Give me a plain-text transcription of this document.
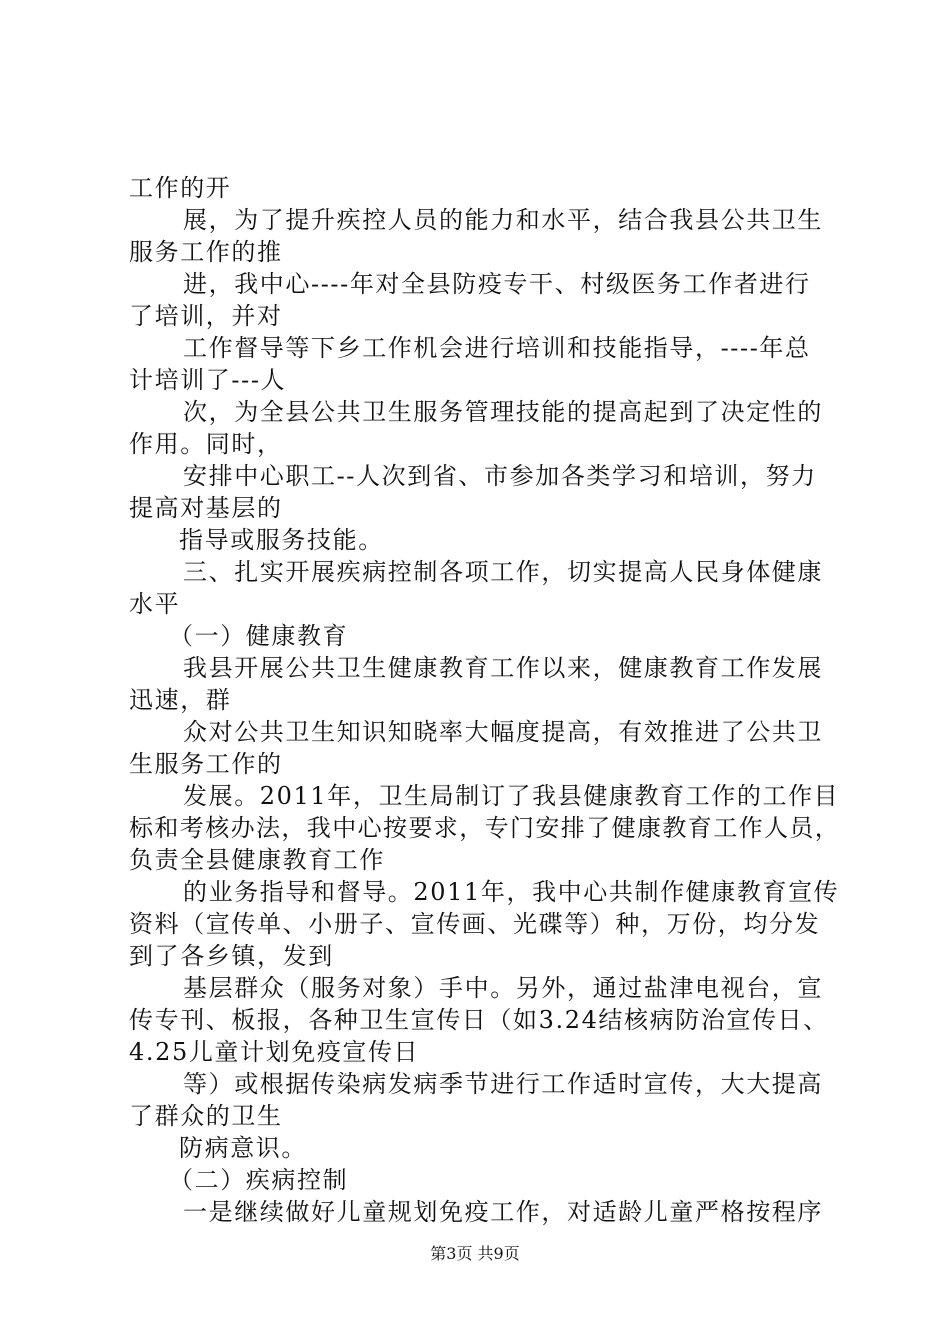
工作的开
展，为了提升疾控人员的能力和水平，结合我县公共卫生
服务工作的推
进，我中心----年对全县防疫专干、村级医务工作者进行
了培训，并对
工作督导等下乡工作机会进行培训和技能指导，----年总
计培训了---人
次，为全县公共卫生服务管理技能的提高起到了决定性的
作用。同时，
安排中心职工--人次到省、市参加各类学习和培训，努力
提高对基层的
指导或服务技能。
三、扎实开展疾病控制各项工作，切实提高人民身体健康
水平
（一）健康教育
我县开展公共卫生健康教育工作以来，健康教育工作发展
迅速，群
众对公共卫生知识知晓率大幅度提高，有效推进了公共卫
生服务工作的
发展。2011年，卫生局制订了我县健康教育工作的工作目
标和考核办法，我中心按要求，专门安排了健康教育工作人员，
负责全县健康教育工作
的业务指导和督导。2011年，我中心共制作健康教育宣传
资料（宣传单、小册子、宣传画、光碟等）种，万份，均分发
到了各乡镇，发到
基层群众（服务对象）手中。另外，通过盐津电视台，宣
传专刊、板报，各种卫生宣传日（如3.24结核病防治宣传日、
4.25儿童计划免疫宣传日
等）或根据传染病发病季节进行工作适时宣传，大大提高
了群众的卫生
防病意识。
（二）疾病控制
一是继续做好儿童规划免疫工作，对适龄儿童严格按程序
第3页 共9页
